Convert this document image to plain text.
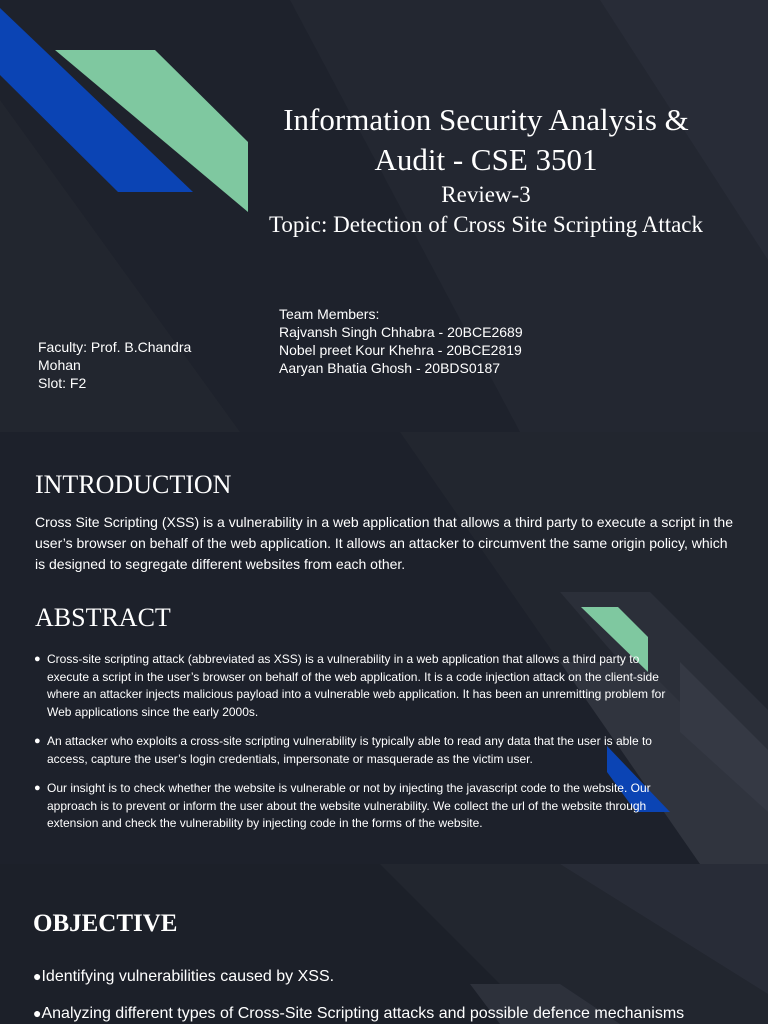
Information Security Analysis & Audit - CSE 3501
Review-3
Topic: Detection of Cross Site Scripting Attack
Team Members:
Rajvansh Singh Chhabra - 20BCE2689
Nobel preet Kour Khehra - 20BCE2819
Aaryan Bhatia Ghosh - 20BDS0187
Faculty: Prof. B.Chandra Mohan
Slot: F2
INTRODUCTION

Cross Site Scripting (XSS) is a vulnerability in a web application that allows a third party to execute a script in the user’s browser on behalf of the web application. It allows an attacker to circumvent the same origin policy, which is designed to segregate different websites from each other.

ABSTRACT
● Cross-site scripting attack (abbreviated as XSS) is a vulnerability in a web application that allows a third party to execute a script in the user’s browser on behalf of the web application. It is a code injection attack on the client-side where an attacker injects malicious payload into a vulnerable web application. It has been an unremitting problem for Web applications since the early 2000s.
● An attacker who exploits a cross-site scripting vulnerability is typically able to read any data that the user is able to access, capture the user’s login credentials, impersonate or masquerade as the victim user.
● Our insight is to check whether the website is vulnerable or not by injecting the javascript code to the website. Our approach is to prevent or inform the user about the website vulnerability. We collect the url of the website through extension and check the vulnerability by injecting code in the forms of the website.
OBJECTIVE
●Identifying vulnerabilities caused by XSS.
●Analyzing different types of Cross-Site Scripting attacks and possible defence mechanisms
